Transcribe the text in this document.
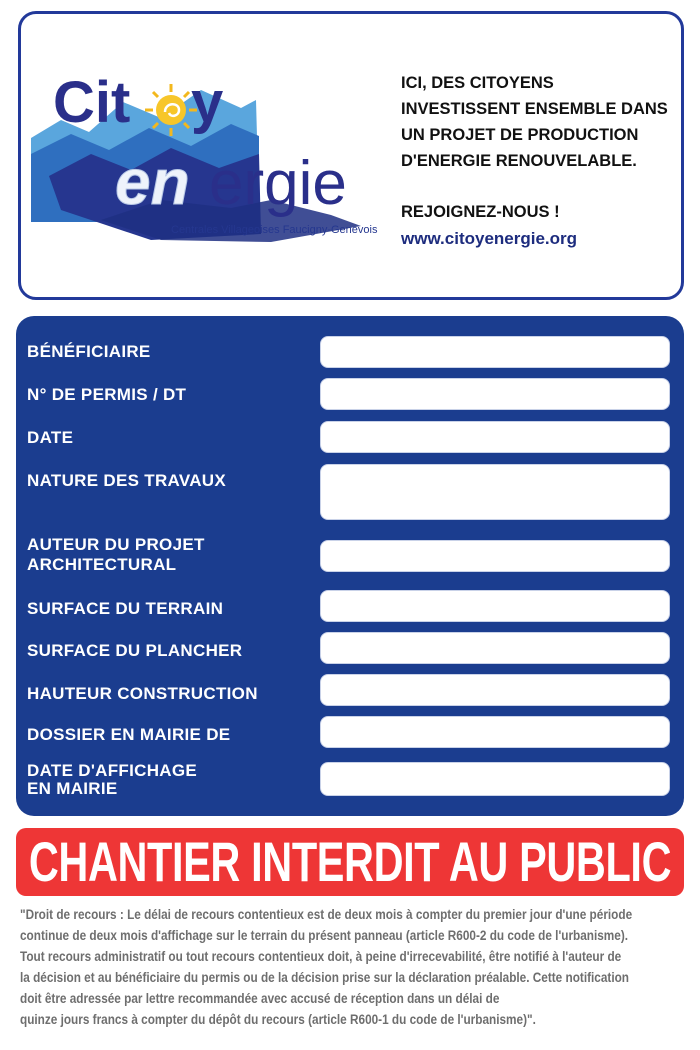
Cit y
en ergie
Centrales Villageoises Faucigny-Genevois
ICI, DES CITOYENS
INVESTISSENT ENSEMBLE DANS
UN PROJET DE PRODUCTION
D'ENERGIE RENOUVELABLE.
REJOIGNEZ-NOUS !
www.citoyenergie.org
BÉNÉFICIAIRE
N° DE PERMIS / DT
DATE
NATURE DES TRAVAUX
AUTEUR DU PROJET
ARCHITECTURAL
SURFACE DU TERRAIN
SURFACE DU PLANCHER
HAUTEUR CONSTRUCTION
DOSSIER EN MAIRIE DE
DATE D'AFFICHAGE
EN MAIRIE
CHANTIER INTERDIT AU PUBLIC
"Droit de recours : Le délai de recours contentieux est de deux mois à compter du premier jour d'une période
continue de deux mois d'affichage sur le terrain du présent panneau (article R600-2 du code de l'urbanisme).
Tout recours administratif ou tout recours contentieux doit, à peine d'irrecevabilité, être notifié à l'auteur de
la décision et au bénéficiaire du permis ou de la décision prise sur la déclaration préalable. Cette notification
doit être adressée par lettre recommandée avec accusé de réception dans un délai de
quinze jours francs à compter du dépôt du recours (article R600-1 du code de l'urbanisme)".
